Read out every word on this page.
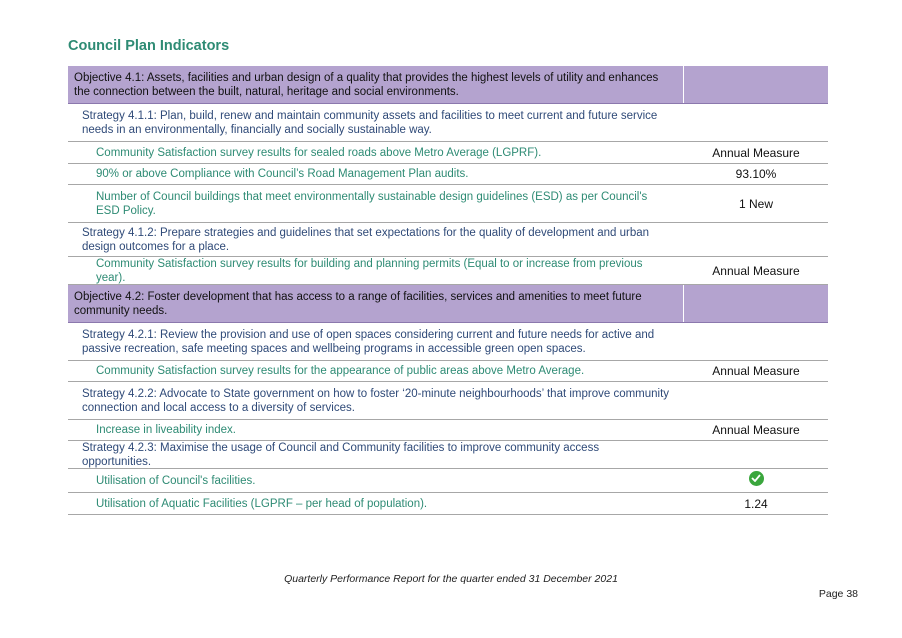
Council Plan Indicators
Objective 4.1: Assets, facilities and urban design of a quality that provides the highest levels of utility and enhances the connection between the built, natural, heritage and social environments.
Strategy 4.1.1: Plan, build, renew and maintain community assets and facilities to meet current and future service needs in an environmentally, financially and socially sustainable way.
Community Satisfaction survey results for sealed roads above Metro Average (LGPRF).	Annual Measure
90% or above Compliance with Council’s Road Management Plan audits.	93.10%
Number of Council buildings that meet environmentally sustainable design guidelines (ESD) as per Council's ESD Policy.	1 New
Strategy 4.1.2: Prepare strategies and guidelines that set expectations for the quality of development and urban design outcomes for a place.
Community Satisfaction survey results for building and planning permits (Equal to or increase from previous year).	Annual Measure
Objective 4.2: Foster development that has access to a range of facilities, services and amenities to meet future community needs.
Strategy 4.2.1: Review the provision and use of open spaces considering current and future needs for active and passive recreation, safe meeting spaces and wellbeing programs in accessible green open spaces.
Community Satisfaction survey results for the appearance of public areas above Metro Average.	Annual Measure
Strategy 4.2.2: Advocate to State government on how to foster ‘20-minute neighbourhoods’ that improve community connection and local access to a diversity of services.
Increase in liveability index.	Annual Measure
Strategy 4.2.3: Maximise the usage of Council and Community facilities to improve community access opportunities.
Utilisation of Council's facilities.
Utilisation of Aquatic Facilities (LGPRF – per head of population).	1.24
Quarterly Performance Report for the quarter ended 31 December 2021
Page 38
